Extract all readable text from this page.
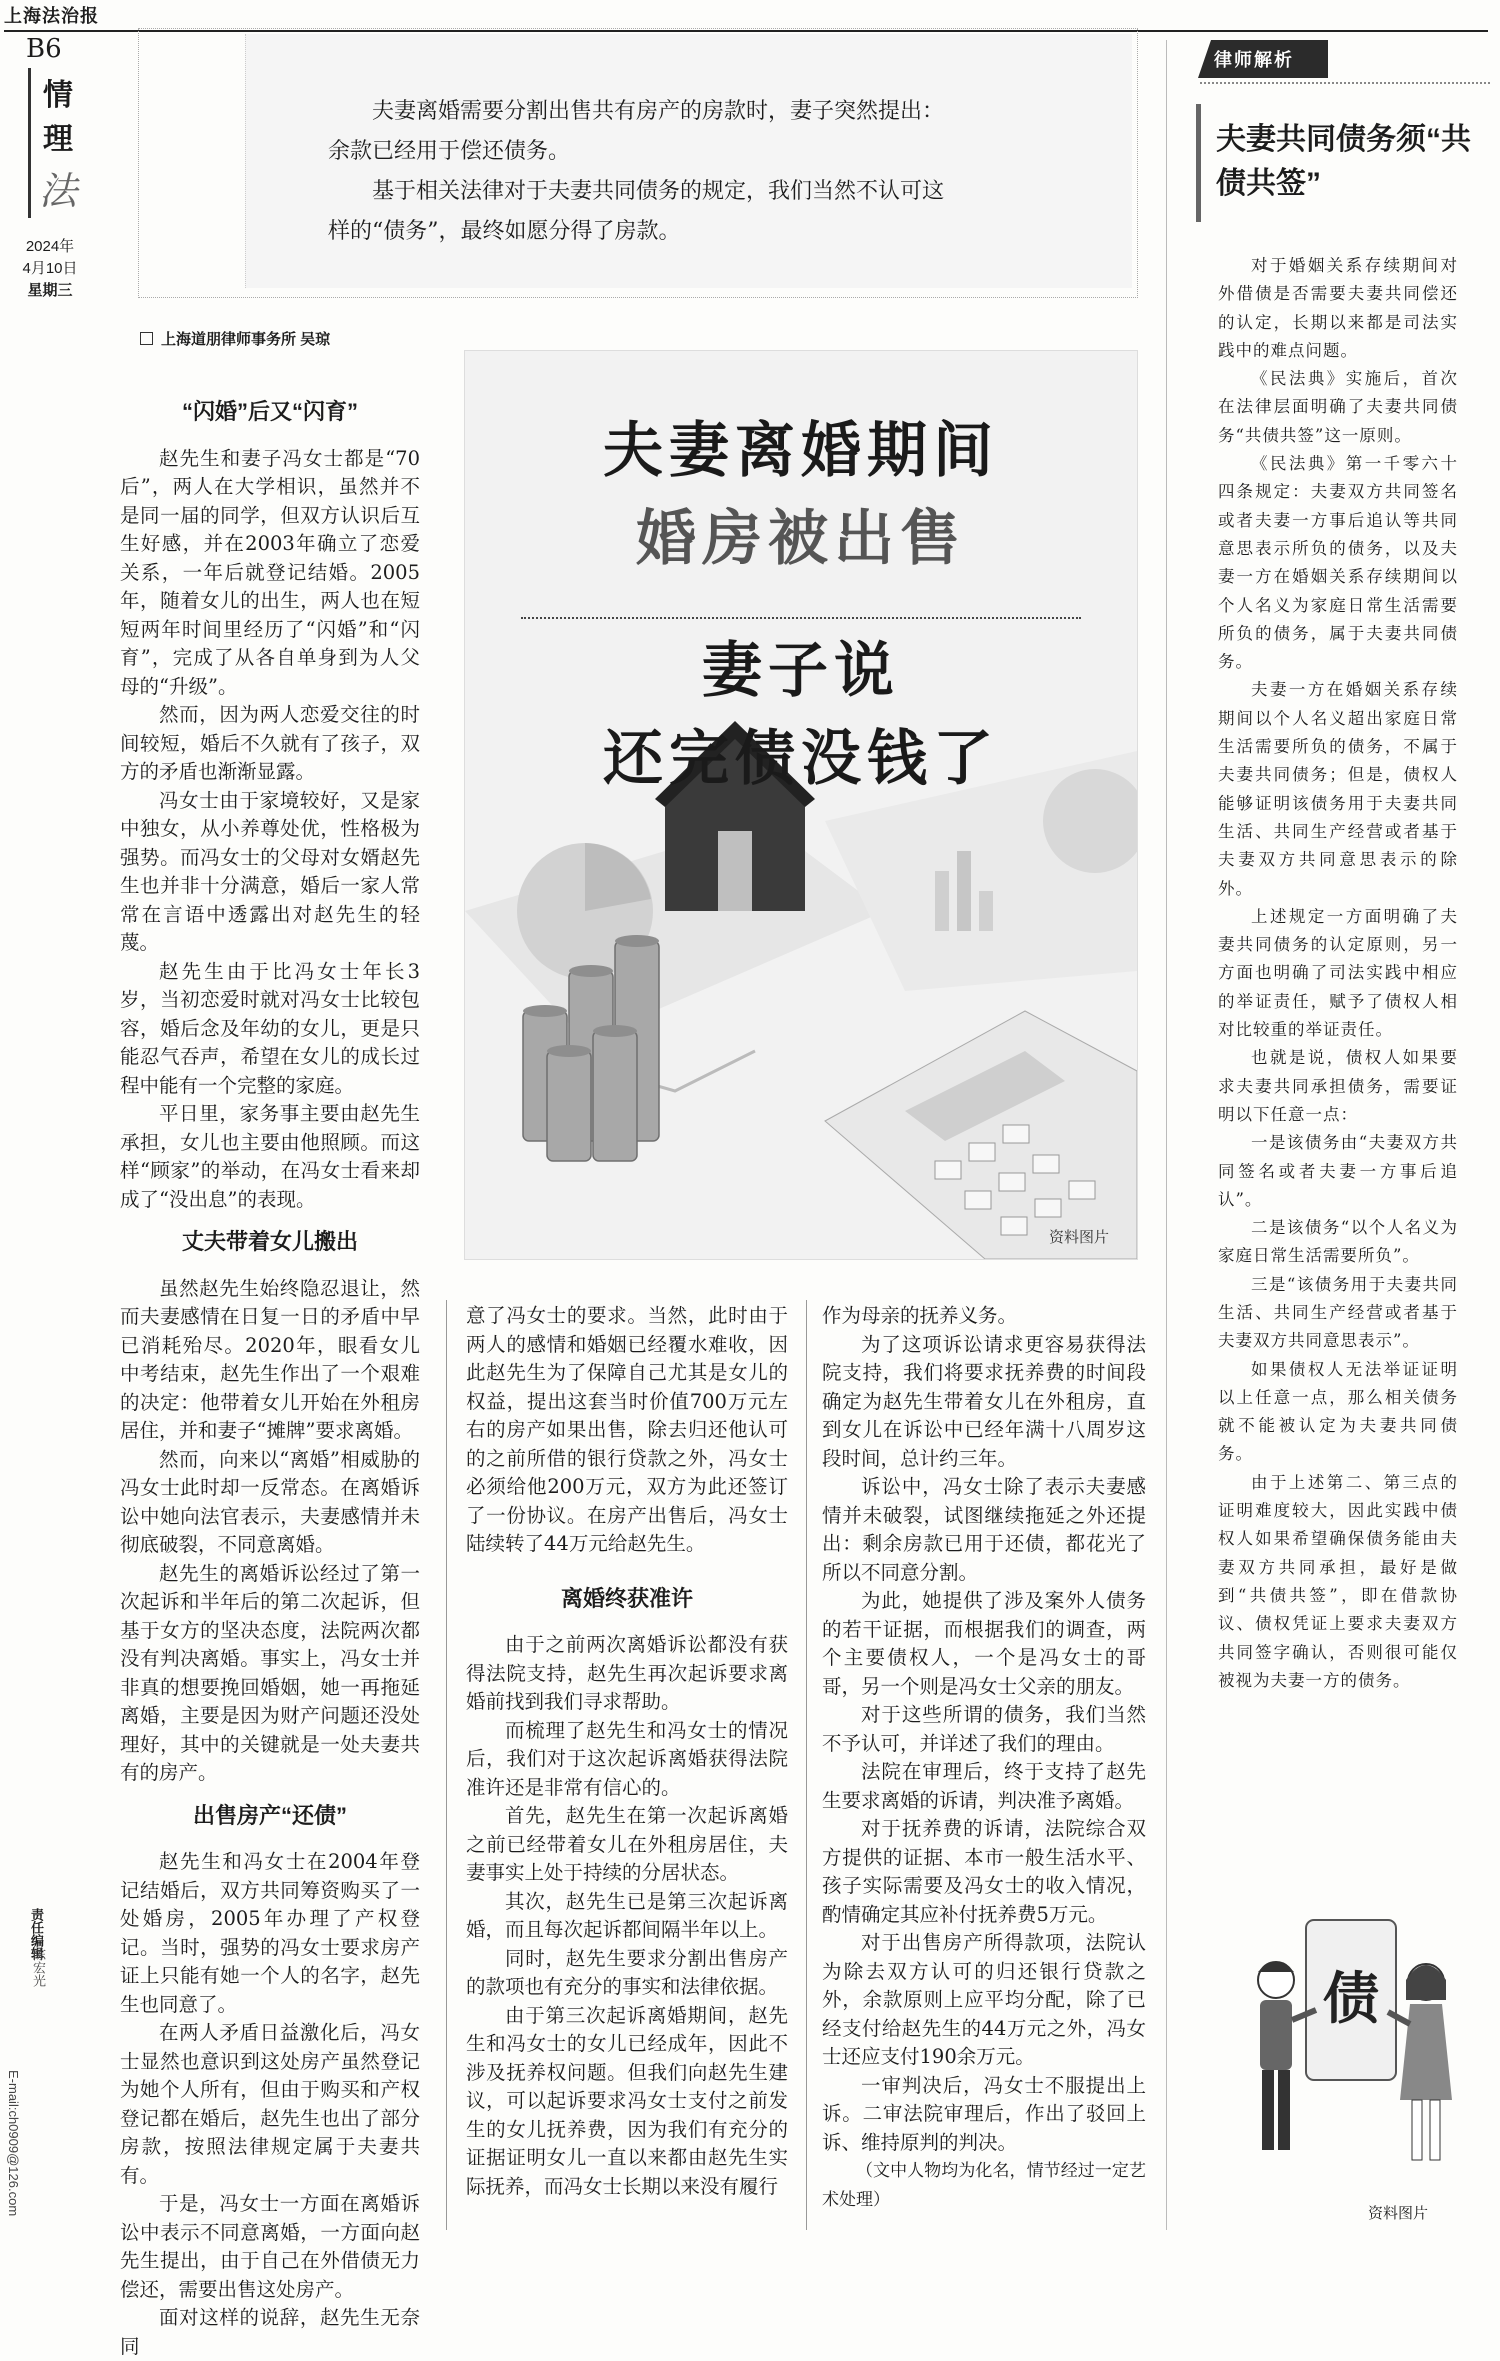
上海法治报
B6
情
理
法
2024年
4月10日
星期三

夫妻离婚需要分割出售共有房产的房款时，妻子突然提出：余款已经用于偿还债务。

基于相关法律对于夫妻共同债务的规定，我们当然不认可这样的“债务”，最终如愿分得了房款。

上海道朋律师事务所 吴琼
夫妻离婚期间
婚房被出售
妻子说
还完债没钱了
资料图片
“闪婚”后又“闪育”

赵先生和妻子冯女士都是“70后”，两人在大学相识，虽然并不是同一届的同学，但双方认识后互生好感，并在2003年确立了恋爱关系，一年后就登记结婚。2005年，随着女儿的出生，两人也在短短两年时间里经历了“闪婚”和“闪育”，完成了从各自单身到为人父母的“升级”。

然而，因为两人恋爱交往的时间较短，婚后不久就有了孩子，双方的矛盾也渐渐显露。

冯女士由于家境较好，又是家中独女，从小养尊处优，性格极为强势。而冯女士的父母对女婿赵先生也并非十分满意，婚后一家人常常在言语中透露出对赵先生的轻蔑。

赵先生由于比冯女士年长3岁，当初恋爱时就对冯女士比较包容，婚后念及年幼的女儿，更是只能忍气吞声，希望在女儿的成长过程中能有一个完整的家庭。

平日里，家务事主要由赵先生承担，女儿也主要由他照顾。而这样“顾家”的举动，在冯女士看来却成了“没出息”的表现。

丈夫带着女儿搬出

虽然赵先生始终隐忍退让，然而夫妻感情在日复一日的矛盾中早已消耗殆尽。2020年，眼看女儿中考结束，赵先生作出了一个艰难的决定：他带着女儿开始在外租房居住，并和妻子“摊牌”要求离婚。

然而，向来以“离婚”相威胁的冯女士此时却一反常态。在离婚诉讼中她向法官表示，夫妻感情并未彻底破裂，不同意离婚。

赵先生的离婚诉讼经过了第一次起诉和半年后的第二次起诉，但基于女方的坚决态度，法院两次都没有判决离婚。事实上，冯女士并非真的想要挽回婚姻，她一再拖延离婚，主要是因为财产问题还没处理好，其中的关键就是一处夫妻共有的房产。

出售房产“还债”

赵先生和冯女士在2004年登记结婚后，双方共同筹资购买了一处婚房，2005年办理了产权登记。当时，强势的冯女士要求房产证上只能有她一个人的名字，赵先生也同意了。

在两人矛盾日益激化后，冯女士显然也意识到这处房产虽然登记为她个人所有，但由于购买和产权登记都在婚后，赵先生也出了部分房款，按照法律规定属于夫妻共有。

于是，冯女士一方面在离婚诉讼中表示不同意离婚，一方面向赵先生提出，由于自己在外借债无力偿还，需要出售这处房产。

面对这样的说辞，赵先生无奈同

意了冯女士的要求。当然，此时由于两人的感情和婚姻已经覆水难收，因此赵先生为了保障自己尤其是女儿的权益，提出这套当时价值700万元左右的房产如果出售，除去归还他认可的之前所借的银行贷款之外，冯女士必须给他200万元，双方为此还签订了一份协议。在房产出售后，冯女士陆续转了44万元给赵先生。

离婚终获准许

由于之前两次离婚诉讼都没有获得法院支持，赵先生再次起诉要求离婚前找到我们寻求帮助。

而梳理了赵先生和冯女士的情况后，我们对于这次起诉离婚获得法院准许还是非常有信心的。

首先，赵先生在第一次起诉离婚之前已经带着女儿在外租房居住，夫妻事实上处于持续的分居状态。

其次，赵先生已是第三次起诉离婚，而且每次起诉都间隔半年以上。

同时，赵先生要求分割出售房产的款项也有充分的事实和法律依据。

由于第三次起诉离婚期间，赵先生和冯女士的女儿已经成年，因此不涉及抚养权问题。但我们向赵先生建议，可以起诉要求冯女士支付之前发生的女儿抚养费，因为我们有充分的证据证明女儿一直以来都由赵先生实际抚养，而冯女士长期以来没有履行

作为母亲的抚养义务。

为了这项诉讼请求更容易获得法院支持，我们将要求抚养费的时间段确定为赵先生带着女儿在外租房，直到女儿在诉讼中已经年满十八周岁这段时间，总计约三年。

诉讼中，冯女士除了表示夫妻感情并未破裂，试图继续拖延之外还提出：剩余房款已用于还债，都花光了所以不同意分割。

为此，她提供了涉及案外人债务的若干证据，而根据我们的调查，两个主要债权人，一个是冯女士的哥哥，另一个则是冯女士父亲的朋友。

对于这些所谓的债务，我们当然不予认可，并详述了我们的理由。

法院在审理后，终于支持了赵先生要求离婚的诉请，判决准予离婚。

对于抚养费的诉请，法院综合双方提供的证据、本市一般生活水平、孩子实际需要及冯女士的收入情况，酌情确定其应补付抚养费5万元。

对于出售房产所得款项，法院认为除去双方认可的归还银行贷款之外，余款原则上应平均分配，除了已经支付给赵先生的44万元之外，冯女士还应支付190余万元。

一审判决后，冯女士不服提出上诉。二审法院审理后，作出了驳回上诉、维持原判的判决。

（文中人物均为化名，情节经过一定艺术处理）

律师解析
夫妻共同债务须“共债共签”

对于婚姻关系存续期间对外借债是否需要夫妻共同偿还的认定，长期以来都是司法实践中的难点问题。

《民法典》实施后，首次在法律层面明确了夫妻共同债务“共债共签”这一原则。

《民法典》第一千零六十四条规定：夫妻双方共同签名或者夫妻一方事后追认等共同意思表示所负的债务，以及夫妻一方在婚姻关系存续期间以个人名义为家庭日常生活需要所负的债务，属于夫妻共同债务。

夫妻一方在婚姻关系存续期间以个人名义超出家庭日常生活需要所负的债务，不属于夫妻共同债务；但是，债权人能够证明该债务用于夫妻共同生活、共同生产经营或者基于夫妻双方共同意思表示的除外。

上述规定一方面明确了夫妻共同债务的认定原则，另一方面也明确了司法实践中相应的举证责任，赋予了债权人相对比较重的举证责任。

也就是说，债权人如果要求夫妻共同承担债务，需要证明以下任意一点：

一是该债务由“夫妻双方共同签名或者夫妻一方事后追认”。

二是该债务“以个人名义为家庭日常生活需要所负”。

三是“该债务用于夫妻共同生活、共同生产经营或者基于夫妻双方共同意思表示”。

如果债权人无法举证证明以上任意一点，那么相关债务就不能被认定为夫妻共同债务。

由于上述第二、第三点的证明难度较大，因此实践中债权人如果希望确保债务能由夫妻双方共同承担，最好是做到“共债共签”，即在借款协议、债权凭证上要求夫妻双方共同签字确认，否则很可能仅被视为夫妻一方的债务。

债
资料图片
责任编辑
陈宏光
E-mail:ch0909@126.com
